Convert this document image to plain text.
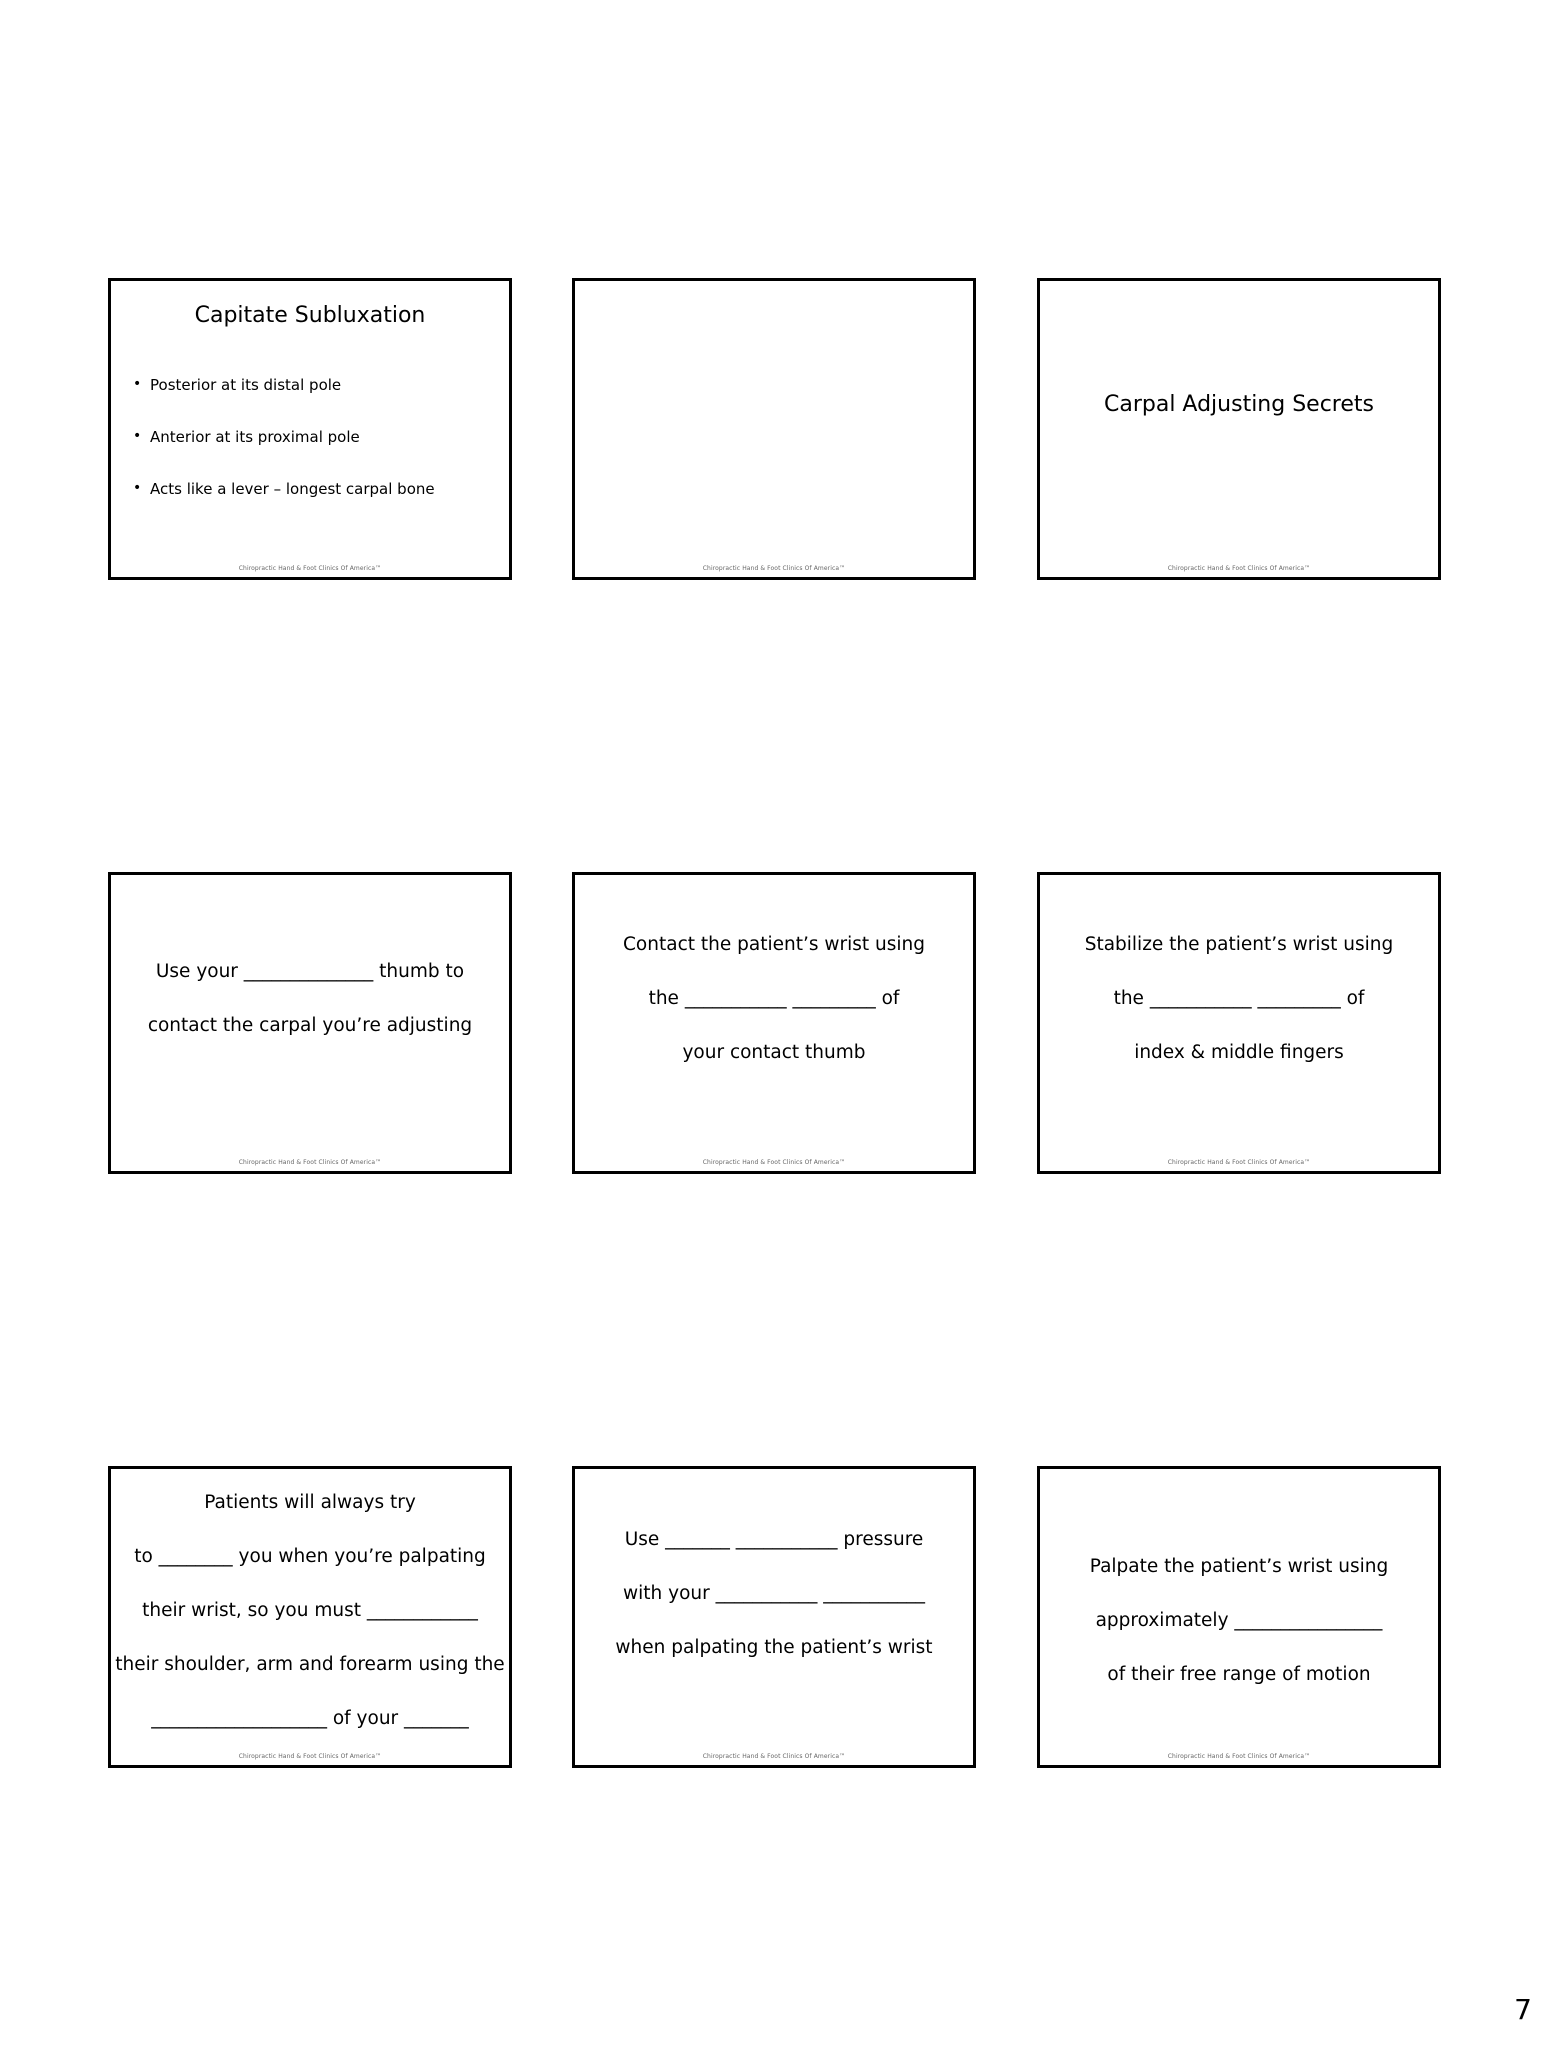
Capitate Subluxation
• Posterior at its distal pole
• Anterior at its proximal pole
• Acts like a lever – longest carpal bone
Chiropractic Hand & Foot Clinics Of America™	Chiropractic Hand & Foot Clinics Of America™
Carpal Adjusting Secrets
Chiropractic Hand & Foot Clinics Of America™
Use your ______________ thumb to
contact the carpal you’re adjusting
Chiropractic Hand & Foot Clinics Of America™
Contact the patient’s wrist using
the ___________ _________ of
your contact thumb
Chiropractic Hand & Foot Clinics Of America™
Stabilize the patient’s wrist using
the ___________ _________ of
index & middle fingers
Chiropractic Hand & Foot Clinics Of America™
Patients will always try
to ________ you when you’re palpating
their wrist, so you must ____________
their shoulder, arm and forearm using the
___________________ of your _______
Chiropractic Hand & Foot Clinics Of America™
Use _______ ___________ pressure
with your ___________ ___________
when palpating the patient’s wrist
Chiropractic Hand & Foot Clinics Of America™
Palpate the patient’s wrist using
approximately ________________
of their free range of motion
Chiropractic Hand & Foot Clinics Of America™
7
